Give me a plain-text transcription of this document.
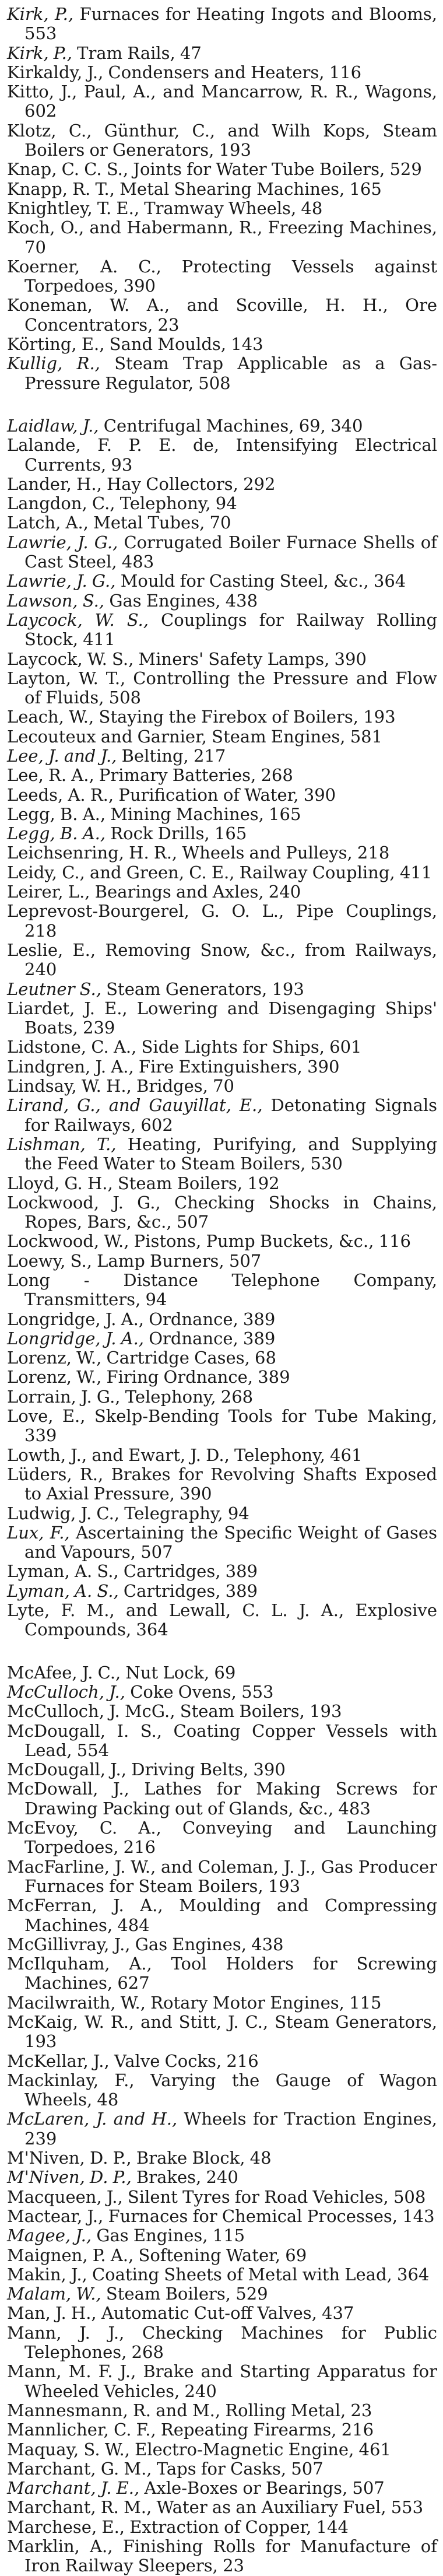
Kirk, P., Furnaces for Heating Ingots and Blooms, 553
Kirk, P., Tram Rails, 47
Kirkaldy, J., Condensers and Heaters, 116
Kitto, J., Paul, A., and Mancarrow, R. R., Wagons, 602
Klotz, C., Günthur, C., and Wilh Kops, Steam Boilers or Generators, 193
Knap, C. C. S., Joints for Water Tube Boilers, 529
Knapp, R. T., Metal Shearing Machines, 165
Knightley, T. E., Tramway Wheels, 48
Koch, O., and Habermann, R., Freezing Machines, 70
Koerner, A. C., Protecting Vessels against Torpedoes, 390
Koneman, W. A., and Scoville, H. H., Ore Concentrators, 23
Körting, E., Sand Moulds, 143
Kullig, R., Steam Trap Applicable as a Gas-Pressure Regulator, 508
Laidlaw, J., Centrifugal Machines, 69, 340
Lalande, F. P. E. de, Intensifying Electrical Currents, 93
Lander, H., Hay Collectors, 292
Langdon, C., Telephony, 94
Latch, A., Metal Tubes, 70
Lawrie, J. G., Corrugated Boiler Furnace Shells of Cast Steel, 483
Lawrie, J. G., Mould for Casting Steel, &c., 364
Lawson, S., Gas Engines, 438
Laycock, W. S., Couplings for Railway Rolling Stock, 411
Laycock, W. S., Miners' Safety Lamps, 390
Layton, W. T., Controlling the Pressure and Flow of Fluids, 508
Leach, W., Staying the Firebox of Boilers, 193
Lecouteux and Garnier, Steam Engines, 581
Lee, J. and J., Belting, 217
Lee, R. A., Primary Batteries, 268
Leeds, A. R., Purification of Water, 390
Legg, B. A., Mining Machines, 165
Legg, B. A., Rock Drills, 165
Leichsenring, H. R., Wheels and Pulleys, 218
Leidy, C., and Green, C. E., Railway Coupling, 411
Leirer, L., Bearings and Axles, 240
Leprevost-Bourgerel, G. O. L., Pipe Couplings, 218
Leslie, E., Removing Snow, &c., from Railways, 240
Leutner S., Steam Generators, 193
Liardet, J. E., Lowering and Disengaging Ships' Boats, 239
Lidstone, C. A., Side Lights for Ships, 601
Lindgren, J. A., Fire Extinguishers, 390
Lindsay, W. H., Bridges, 70
Lirand, G., and Gauyillat, E., Detonating Signals for Railways, 602
Lishman, T., Heating, Purifying, and Supplying the Feed Water to Steam Boilers, 530
Lloyd, G. H., Steam Boilers, 192
Lockwood, J. G., Checking Shocks in Chains, Ropes, Bars, &c., 507
Lockwood, W., Pistons, Pump Buckets, &c., 116
Loewy, S., Lamp Burners, 507
Long - Distance Telephone Company, Transmitters, 94
Longridge, J. A., Ordnance, 389
Longridge, J. A., Ordnance, 389
Lorenz, W., Cartridge Cases, 68
Lorenz, W., Firing Ordnance, 389
Lorrain, J. G., Telephony, 268
Love, E., Skelp-Bending Tools for Tube Making, 339
Lowth, J., and Ewart, J. D., Telephony, 461
Lüders, R., Brakes for Revolving Shafts Exposed to Axial Pressure, 390
Ludwig, J. C., Telegraphy, 94
Lux, F., Ascertaining the Specific Weight of Gases and Vapours, 507
Lyman, A. S., Cartridges, 389
Lyman, A. S., Cartridges, 389
Lyte, F. M., and Lewall, C. L. J. A., Explosive Compounds, 364
McAfee, J. C., Nut Lock, 69
McCulloch, J., Coke Ovens, 553
McCulloch, J. McG., Steam Boilers, 193
McDougall, I. S., Coating Copper Vessels with Lead, 554
McDougall, J., Driving Belts, 390
McDowall, J., Lathes for Making Screws for Drawing Packing out of Glands, &c., 483
McEvoy, C. A., Conveying and Launching Torpedoes, 216
MacFarline, J. W., and Coleman, J. J., Gas Producer Furnaces for Steam Boilers, 193
McFerran, J. A., Moulding and Compressing Machines, 484
McGillivray, J., Gas Engines, 438
McIlquham, A., Tool Holders for Screwing Machines, 627
Macilwraith, W., Rotary Motor Engines, 115
McKaig, W. R., and Stitt, J. C., Steam Generators, 193
McKellar, J., Valve Cocks, 216
Mackinlay, F., Varying the Gauge of Wagon Wheels, 48
McLaren, J. and H., Wheels for Traction Engines, 239
M'Niven, D. P., Brake Block, 48
M'Niven, D. P., Brakes, 240
Macqueen, J., Silent Tyres for Road Vehicles, 508
Mactear, J., Furnaces for Chemical Processes, 143
Magee, J., Gas Engines, 115
Maignen, P. A., Softening Water, 69
Makin, J., Coating Sheets of Metal with Lead, 364
Malam, W., Steam Boilers, 529
Man, J. H., Automatic Cut-off Valves, 437
Mann, J. J., Checking Machines for Public Telephones, 268
Mann, M. F. J., Brake and Starting Apparatus for Wheeled Vehicles, 240
Mannesmann, R. and M., Rolling Metal, 23
Mannlicher, C. F., Repeating Firearms, 216
Maquay, S. W., Electro-Magnetic Engine, 461
Marchant, G. M., Taps for Casks, 507
Marchant, J. E., Axle-Boxes or Bearings, 507
Marchant, R. M., Water as an Auxiliary Fuel, 553
Marchese, E., Extraction of Copper, 144
Marklin, A., Finishing Rolls for Manufacture of Iron Railway Sleepers, 23
